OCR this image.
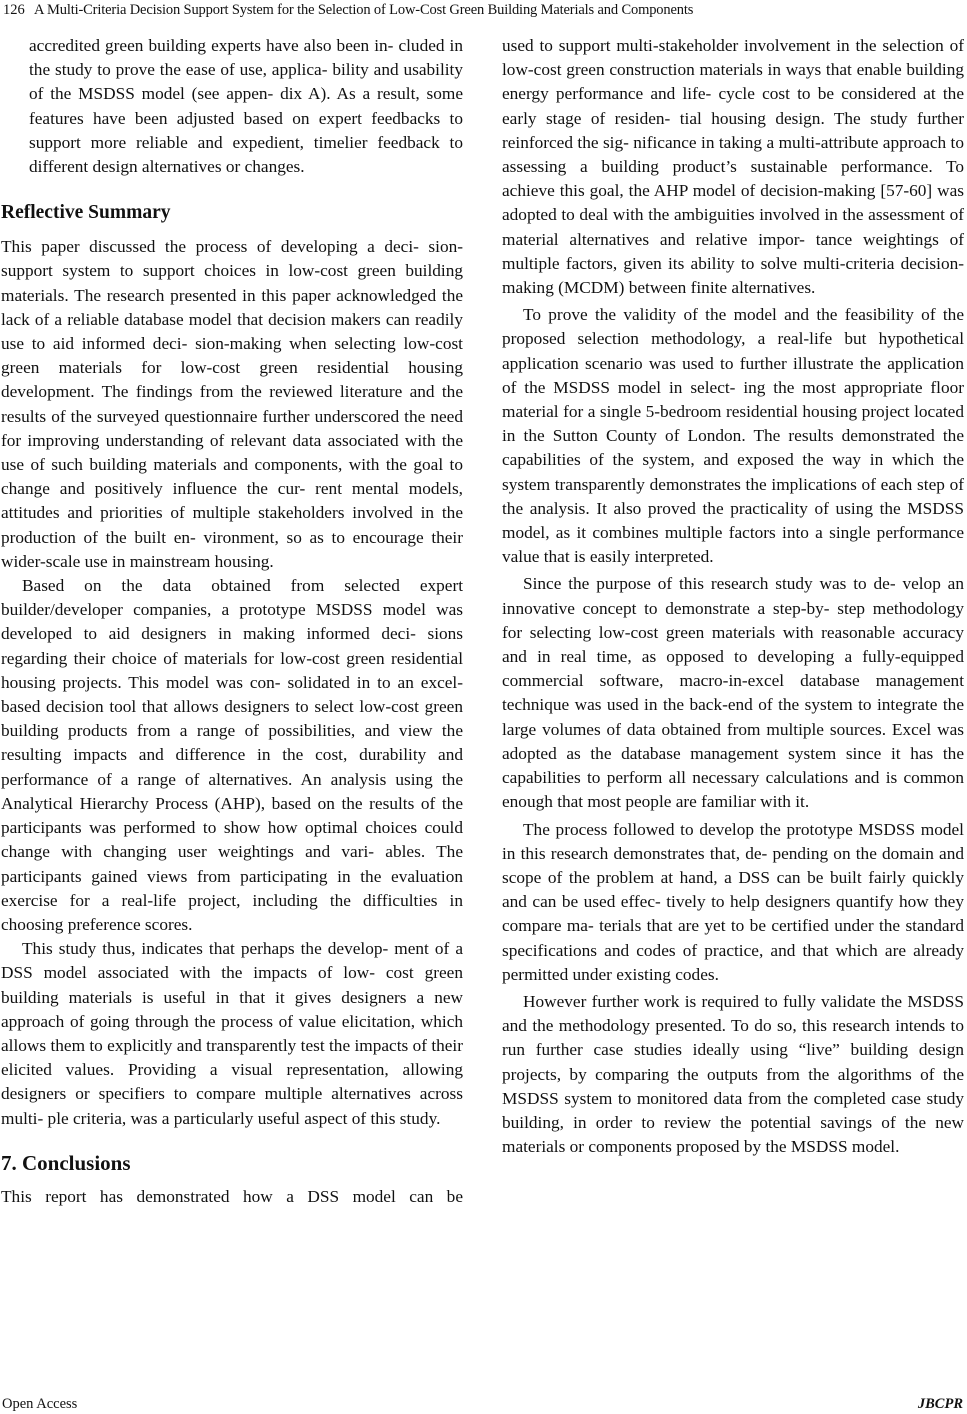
126 A Multi-Criteria Decision Support System for the Selection of Low-Cost Green Building Materials and Components

accredited green building experts have also been in- cluded in the study to prove the ease of use, applica- bility and usability of the MSDSS model (see appen- dix A). As a result, some features have been adjusted based on expert feedbacks to support more reliable and expedient, timelier feedback to different design alternatives or changes.

Reflective Summary

This paper discussed the process of developing a deci- sion-support system to support choices in low-cost green building materials. The research presented in this paper acknowledged the lack of a reliable database model that decision makers can readily use to aid informed deci- sion-making when selecting low-cost green materials for low-cost green residential housing development. The findings from the reviewed literature and the results of the surveyed questionnaire further underscored the need for improving understanding of relevant data associated with the use of such building materials and components, with the goal to change and positively influence the cur- rent mental models, attitudes and priorities of multiple stakeholders involved in the production of the built en- vironment, so as to encourage their wider-scale use in mainstream housing.

Based on the data obtained from selected expert builder/developer companies, a prototype MSDSS model was developed to aid designers in making informed deci- sions regarding their choice of materials for low-cost green residential housing projects. This model was con- solidated in to an excel-based decision tool that allows designers to select low-cost green building products from a range of possibilities, and view the resulting impacts and difference in the cost, durability and performance of a range of alternatives. An analysis using the Analytical Hierarchy Process (AHP), based on the results of the participants was performed to show how optimal choices could change with changing user weightings and vari- ables. The participants gained views from participating in the evaluation exercise for a real-life project, including the difficulties in choosing preference scores.

This study thus, indicates that perhaps the develop- ment of a DSS model associated with the impacts of low- cost green building materials is useful in that it gives designers a new approach of going through the process of value elicitation, which allows them to explicitly and transparently test the impacts of their elicited values. Providing a visual representation, allowing designers or specifiers to compare multiple alternatives across multi- ple criteria, was a particularly useful aspect of this study.

7. Conclusions

This report has demonstrated how a DSS model can be

used to support multi-stakeholder involvement in the selection of low-cost green construction materials in ways that enable building energy performance and life- cycle cost to be considered at the early stage of residen- tial housing design. The study further reinforced the sig- nificance in taking a multi-attribute approach to assessing a building product’s sustainable performance. To achieve this goal, the AHP model of decision-making [57-60] was adopted to deal with the ambiguities involved in the assessment of material alternatives and relative impor- tance weightings of multiple factors, given its ability to solve multi-criteria decision-making (MCDM) between finite alternatives.

To prove the validity of the model and the feasibility of the proposed selection methodology, a real-life but hypothetical application scenario was used to further illustrate the application of the MSDSS model in select- ing the most appropriate floor material for a single 5-bedroom residential housing project located in the Sutton County of London. The results demonstrated the capabilities of the system, and exposed the way in which the system transparently demonstrates the implications of each step of the analysis. It also proved the practicality of using the MSDSS model, as it combines multiple factors into a single performance value that is easily interpreted.

Since the purpose of this research study was to de- velop an innovative concept to demonstrate a step-by- step methodology for selecting low-cost green materials with reasonable accuracy and in real time, as opposed to developing a fully-equipped commercial software, macro-in-excel database management technique was used in the back-end of the system to integrate the large volumes of data obtained from multiple sources. Excel was adopted as the database management system since it has the capabilities to perform all necessary calculations and is common enough that most people are familiar with it.

The process followed to develop the prototype MSDSS model in this research demonstrates that, de- pending on the domain and scope of the problem at hand, a DSS can be built fairly quickly and can be used effec- tively to help designers quantify how they compare ma- terials that are yet to be certified under the standard specifications and codes of practice, and that which are already permitted under existing codes.

However further work is required to fully validate the MSDSS and the methodology presented. To do so, this research intends to run further case studies ideally using “live” building design projects, by comparing the outputs from the algorithms of the MSDSS system to monitored data from the completed case study building, in order to review the potential savings of the new materials or components proposed by the MSDSS model.

Open Access	JBCPR
